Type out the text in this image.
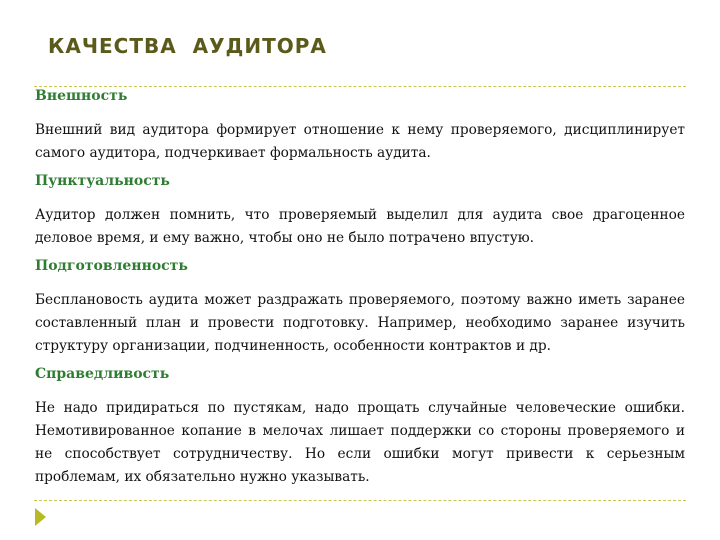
КАЧЕСТВА  АУДИТОРА

Внешность

Внешний вид аудитора формирует отношение к нему проверяемого, дисциплинирует самого аудитора, подчеркивает формальность аудита.

Пунктуальность

Аудитор должен помнить, что проверяемый выделил для аудита свое драгоценное деловое время, и ему важно, чтобы оно не было потрачено впустую.

Подготовленность

Бесплановость аудита может раздражать проверяемого, поэтому важно иметь заранее составленный план и провести подготовку. Например, необходимо заранее изучить структуру организации, подчиненность, особенности контрактов и др.

Справедливость

Не надо придираться по пустякам, надо прощать случайные человеческие ошибки. Немотивированное копание в мелочах лишает поддержки со стороны проверяемого и не способствует сотрудничеству. Но если ошибки могут привести к серьезным проблемам, их обязательно нужно указывать.
